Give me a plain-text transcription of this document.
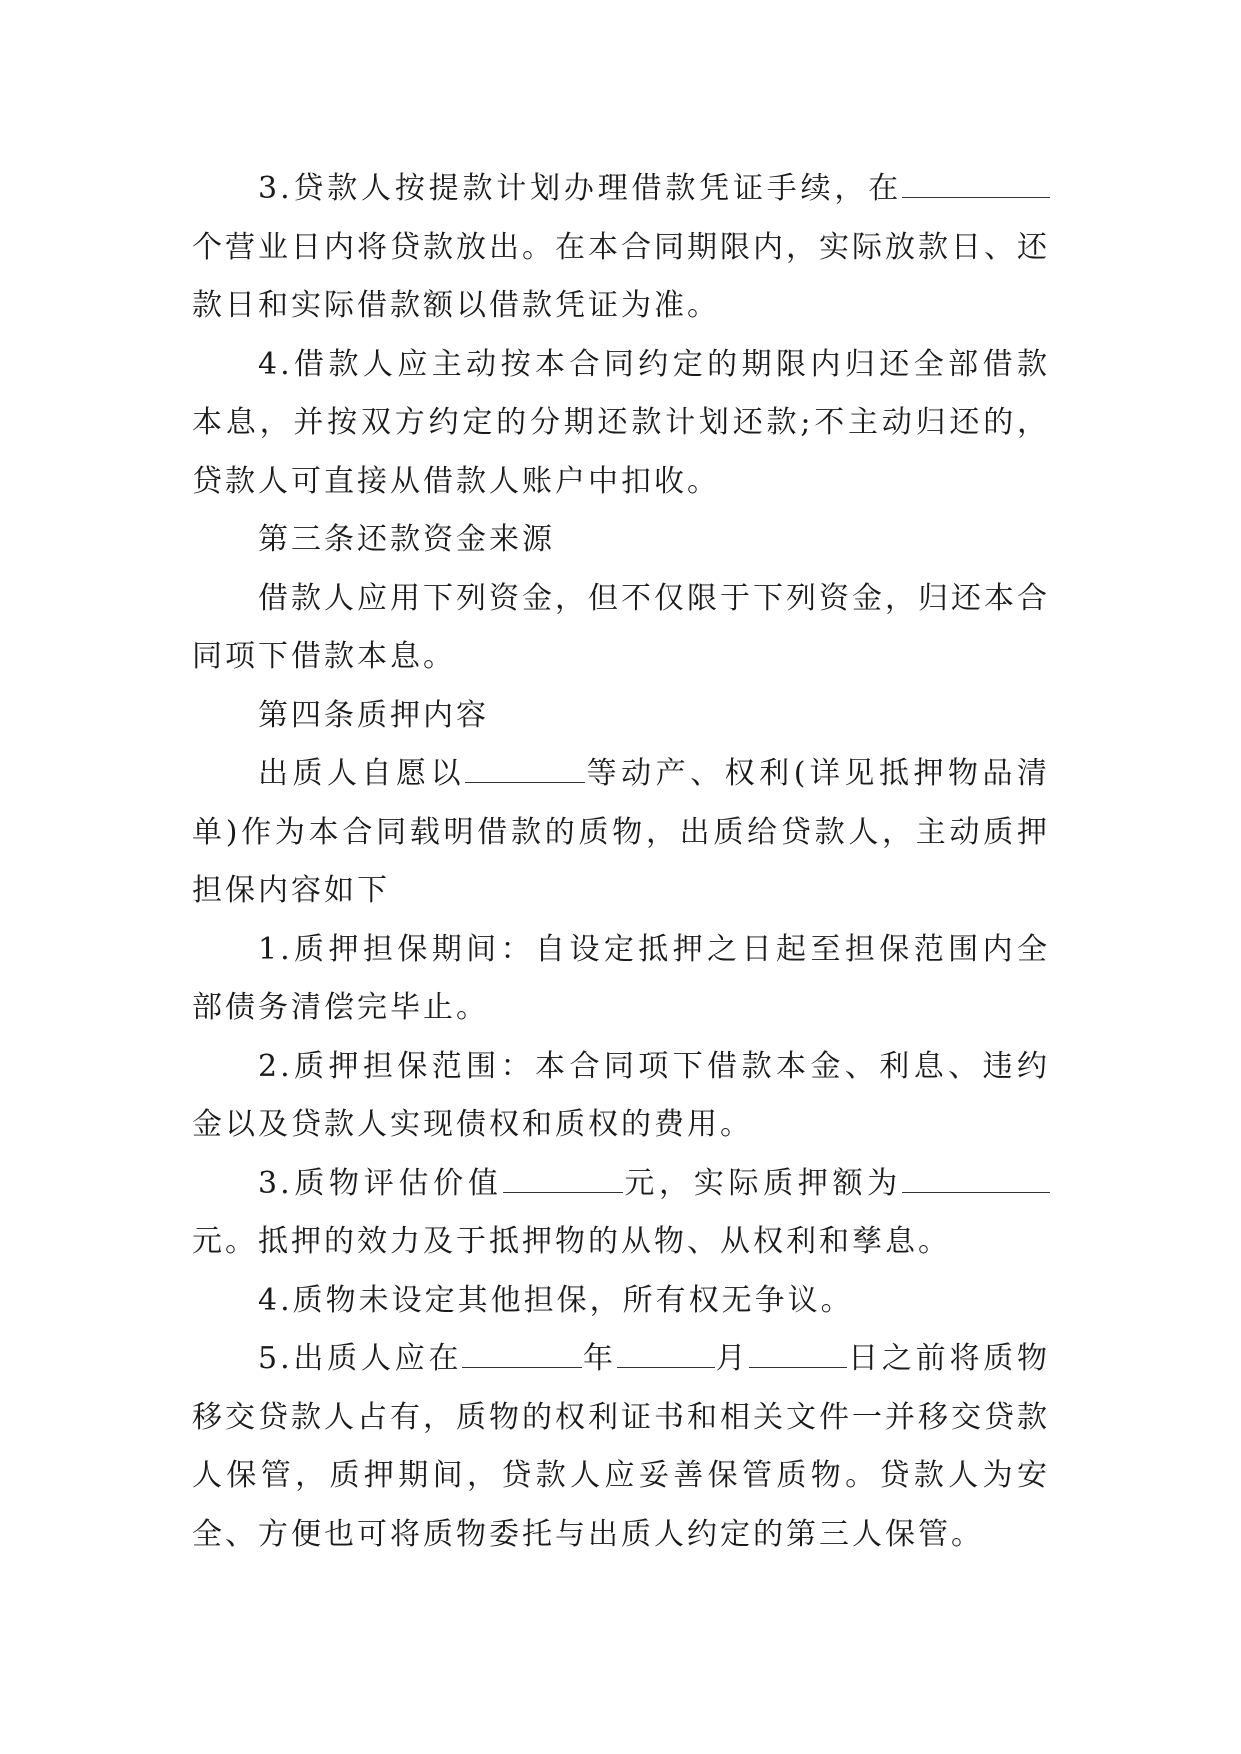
3.贷款人按提款计划办理借款凭证手续，在个营业日内将贷款放出。在本合同期限内，实际放款日、还款日和实际借款额以借款凭证为准。

4.借款人应主动按本合同约定的期限内归还全部借款本息，并按双方约定的分期还款计划还款;不主动归还的，贷款人可直接从借款人账户中扣收。

第三条还款资金来源

借款人应用下列资金，但不仅限于下列资金，归还本合同项下借款本息。

第四条质押内容

出质人自愿以	等动产、权利(详见抵押物品清单)作为本合同载明借款的质物，出质给贷款人，主动质押担保内容如下

1.质押担保期间：自设定抵押之日起至担保范围内全部债务清偿完毕止。

2.质押担保范围：本合同项下借款本金、利息、违约金以及贷款人实现债权和质权的费用。

3.质物评估价值	元，实际质押额为元。抵押的效力及于抵押物的从物、从权利和孳息。

4.质物未设定其他担保，所有权无争议。

5.出质人应在	年	月	日之前将质物移交贷款人占有，质物的权利证书和相关文件一并移交贷款人保管，质押期间，贷款人应妥善保管质物。贷款人为安全、方便也可将质物委托与出质人约定的第三人保管。
